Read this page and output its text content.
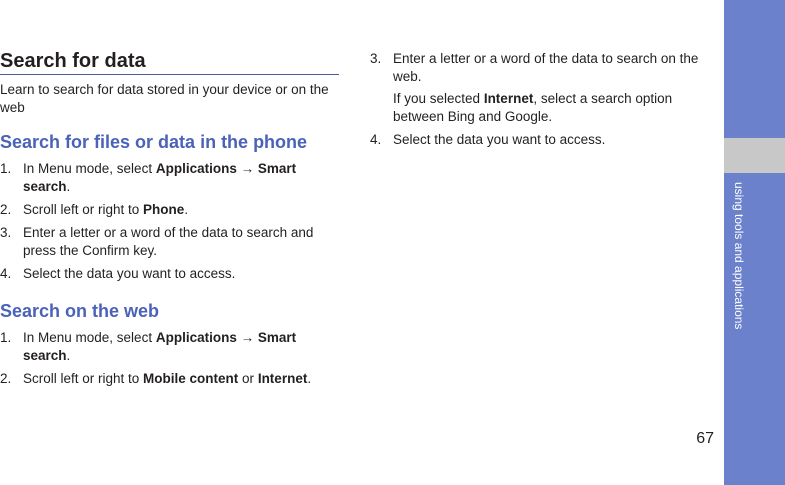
Search for data

Learn to search for data stored in your device or on the web

Search for files or data in the phone
1. In Menu mode, select Applications → Smart search.
2. Scroll left or right to Phone.
3. Enter a letter or a word of the data to search and press the Confirm key.
4. Select the data you want to access.
Search on the web
1. In Menu mode, select Applications → Smart search.
2. Scroll left or right to Mobile content or Internet.
3. Enter a letter or a word of the data to search on the web.
If you selected Internet, select a search option between Bing and Google.
4. Select the data you want to access.
using tools and applications
67
